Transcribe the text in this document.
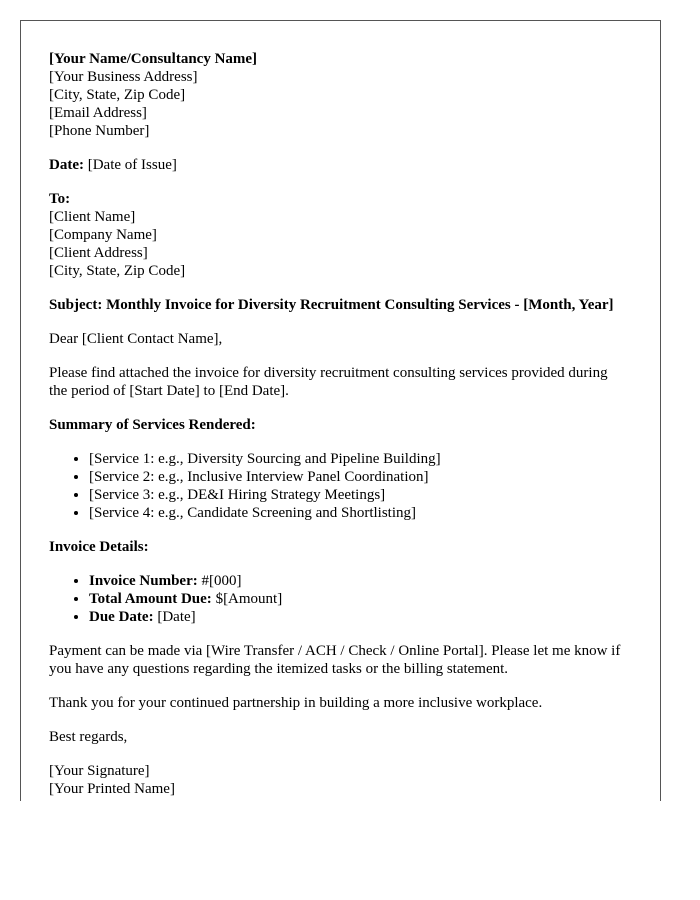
[Your Name/Consultancy Name]
[Your Business Address]
[City, State, Zip Code]
[Email Address]
[Phone Number]

Date: [Date of Issue]

To:
[Client Name]
[Company Name]
[Client Address]
[City, State, Zip Code]

Subject: Monthly Invoice for Diversity Recruitment Consulting Services - [Month, Year]

Dear [Client Contact Name],

Please find attached the invoice for diversity recruitment consulting services provided during the period of [Start Date] to [End Date].

Summary of Services Rendered:

• [Service 1: e.g., Diversity Sourcing and Pipeline Building]
• [Service 2: e.g., Inclusive Interview Panel Coordination]
• [Service 3: e.g., DE&I Hiring Strategy Meetings]
• [Service 4: e.g., Candidate Screening and Shortlisting]

Invoice Details:

• Invoice Number: #[000]
• Total Amount Due: $[Amount]
• Due Date: [Date]

Payment can be made via [Wire Transfer / ACH / Check / Online Portal]. Please let me know if you have any questions regarding the itemized tasks or the billing statement.

Thank you for your continued partnership in building a more inclusive workplace.

Best regards,

[Your Signature]
[Your Printed Name]
